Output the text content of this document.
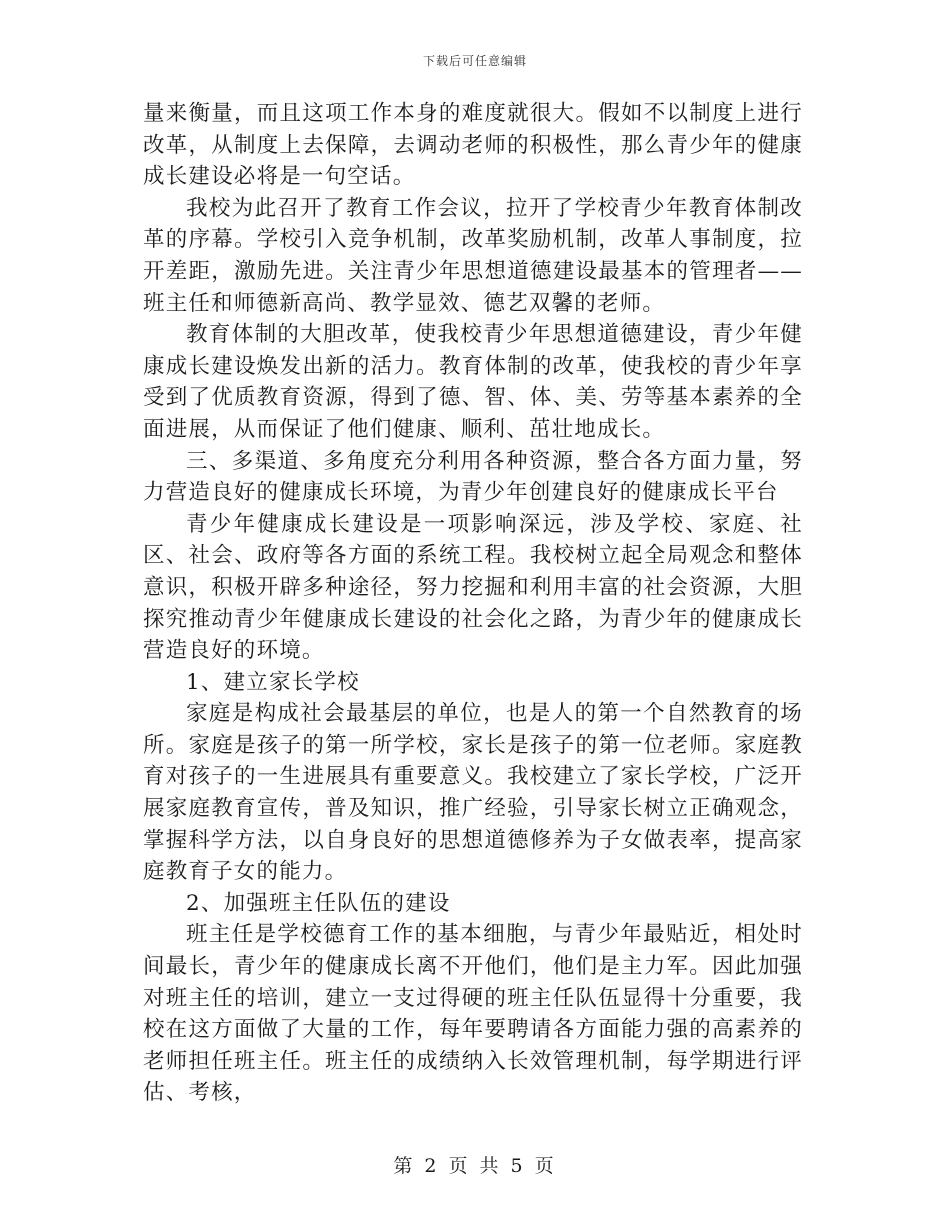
下载后可任意编辑

量来衡量，而且这项工作本身的难度就很大。假如不以制度上进行改革，从制度上去保障，去调动老师的积极性，那么青少年的健康成长建设必将是一句空话。

我校为此召开了教育工作会议，拉开了学校青少年教育体制改革的序幕。学校引入竞争机制，改革奖励机制，改革人事制度，拉开差距，激励先进。关注青少年思想道德建设最基本的管理者——班主任和师德新高尚、教学显效、德艺双馨的老师。

教育体制的大胆改革，使我校青少年思想道德建设，青少年健康成长建设焕发出新的活力。教育体制的改革，使我校的青少年享受到了优质教育资源，得到了德、智、体、美、劳等基本素养的全面进展，从而保证了他们健康、顺利、茁壮地成长。

三、多渠道、多角度充分利用各种资源，整合各方面力量，努力营造良好的健康成长环境，为青少年创建良好的健康成长平台

青少年健康成长建设是一项影响深远，涉及学校、家庭、社区、社会、政府等各方面的系统工程。我校树立起全局观念和整体意识，积极开辟多种途径，努力挖掘和利用丰富的社会资源，大胆探究推动青少年健康成长建设的社会化之路，为青少年的健康成长营造良好的环境。

1、建立家长学校

家庭是构成社会最基层的单位，也是人的第一个自然教育的场所。家庭是孩子的第一所学校，家长是孩子的第一位老师。家庭教育对孩子的一生进展具有重要意义。我校建立了家长学校，广泛开展家庭教育宣传，普及知识，推广经验，引导家长树立正确观念，掌握科学方法，以自身良好的思想道德修养为子女做表率，提高家庭教育子女的能力。

2、加强班主任队伍的建设

班主任是学校德育工作的基本细胞，与青少年最贴近，相处时间最长，青少年的健康成长离不开他们，他们是主力军。因此加强对班主任的培训，建立一支过得硬的班主任队伍显得十分重要，我校在这方面做了大量的工作，每年要聘请各方面能力强的高素养的老师担任班主任。班主任的成绩纳入长效管理机制，每学期进行评估、考核，

第 2 页 共 5 页
